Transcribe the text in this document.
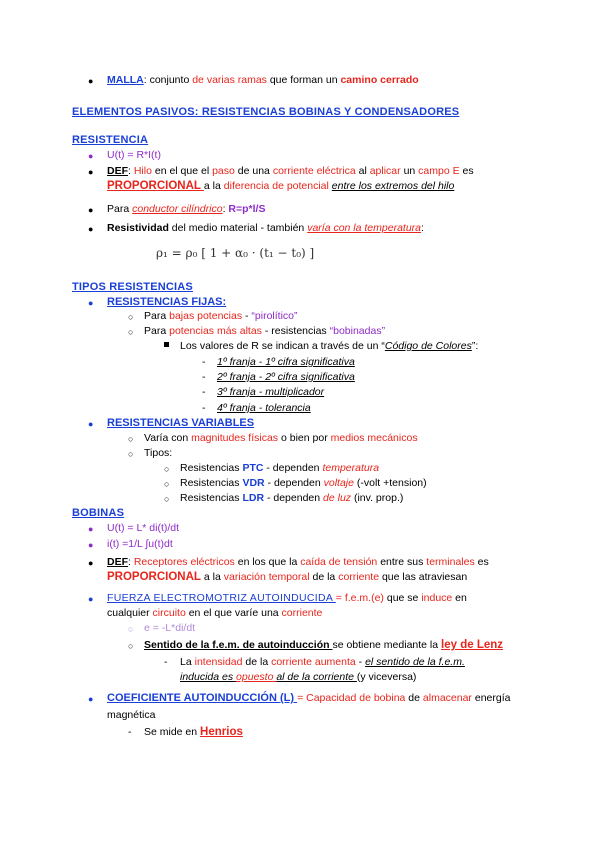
● MALLA: conjunto de varias ramas que forman un camino cerrado
ELEMENTOS PASIVOS: RESISTENCIAS BOBINAS Y CONDENSADORES
RESISTENCIA
● U(t) = R*I(t)
● DEF: Hilo en el que el paso de una corriente eléctrica al aplicar un campo E es
PROPORCIONAL a la diferencia de potencial entre los extremos del hilo
● Para conductor cilíndrico: R=p*l/S
● Resistividad del medio material - también varía con la temperatura:
ρ₁ = ρ₀ [ 1 + α₀ · (t₁ − t₀) ]
TIPOS RESISTENCIAS
● RESISTENCIAS FIJAS:
○ Para bajas potencias - “pirolítico”
○ Para potencias más altas - resistencias “bobinadas”
Los valores de R se indican a través de un “Código de Colores”:
- 1º franja - 1º cifra significativa
- 2º franja - 2º cifra significativa
- 3º franja - multiplicador
- 4º franja - tolerancia
● RESISTENCIAS VARIABLES
○ Varía con magnitudes físicas o bien por medios mecánicos
○ Tipos:
○ Resistencias PTC - dependen temperatura
○ Resistencias VDR - dependen voltaje (-volt +tension)
○ Resistencias LDR - dependen de luz (inv. prop.)
BOBINAS
● U(t) = L* di(t)/dt
● i(t) =1/L ∫u(t)dt
● DEF: Receptores eléctricos en los que la caída de tensión entre sus terminales es
PROPORCIONAL a la variación temporal de la corriente que las atraviesan
● FUERZA ELECTROMOTRIZ AUTOINDUCIDA = f.e.m.(e) que se induce en
cualquier circuito en el que varíe una corriente
○ e = -L*di/dt
○ Sentido de la f.e.m. de autoinducción se obtiene mediante la ley de Lenz
- La intensidad de la corriente aumenta - el sentido de la f.e.m.
inducida es opuesto al de la corriente (y viceversa)
● COEFICIENTE AUTOINDUCCIÓN (L) = Capacidad de bobina de almacenar energía
magnética
- Se mide en Henrios
